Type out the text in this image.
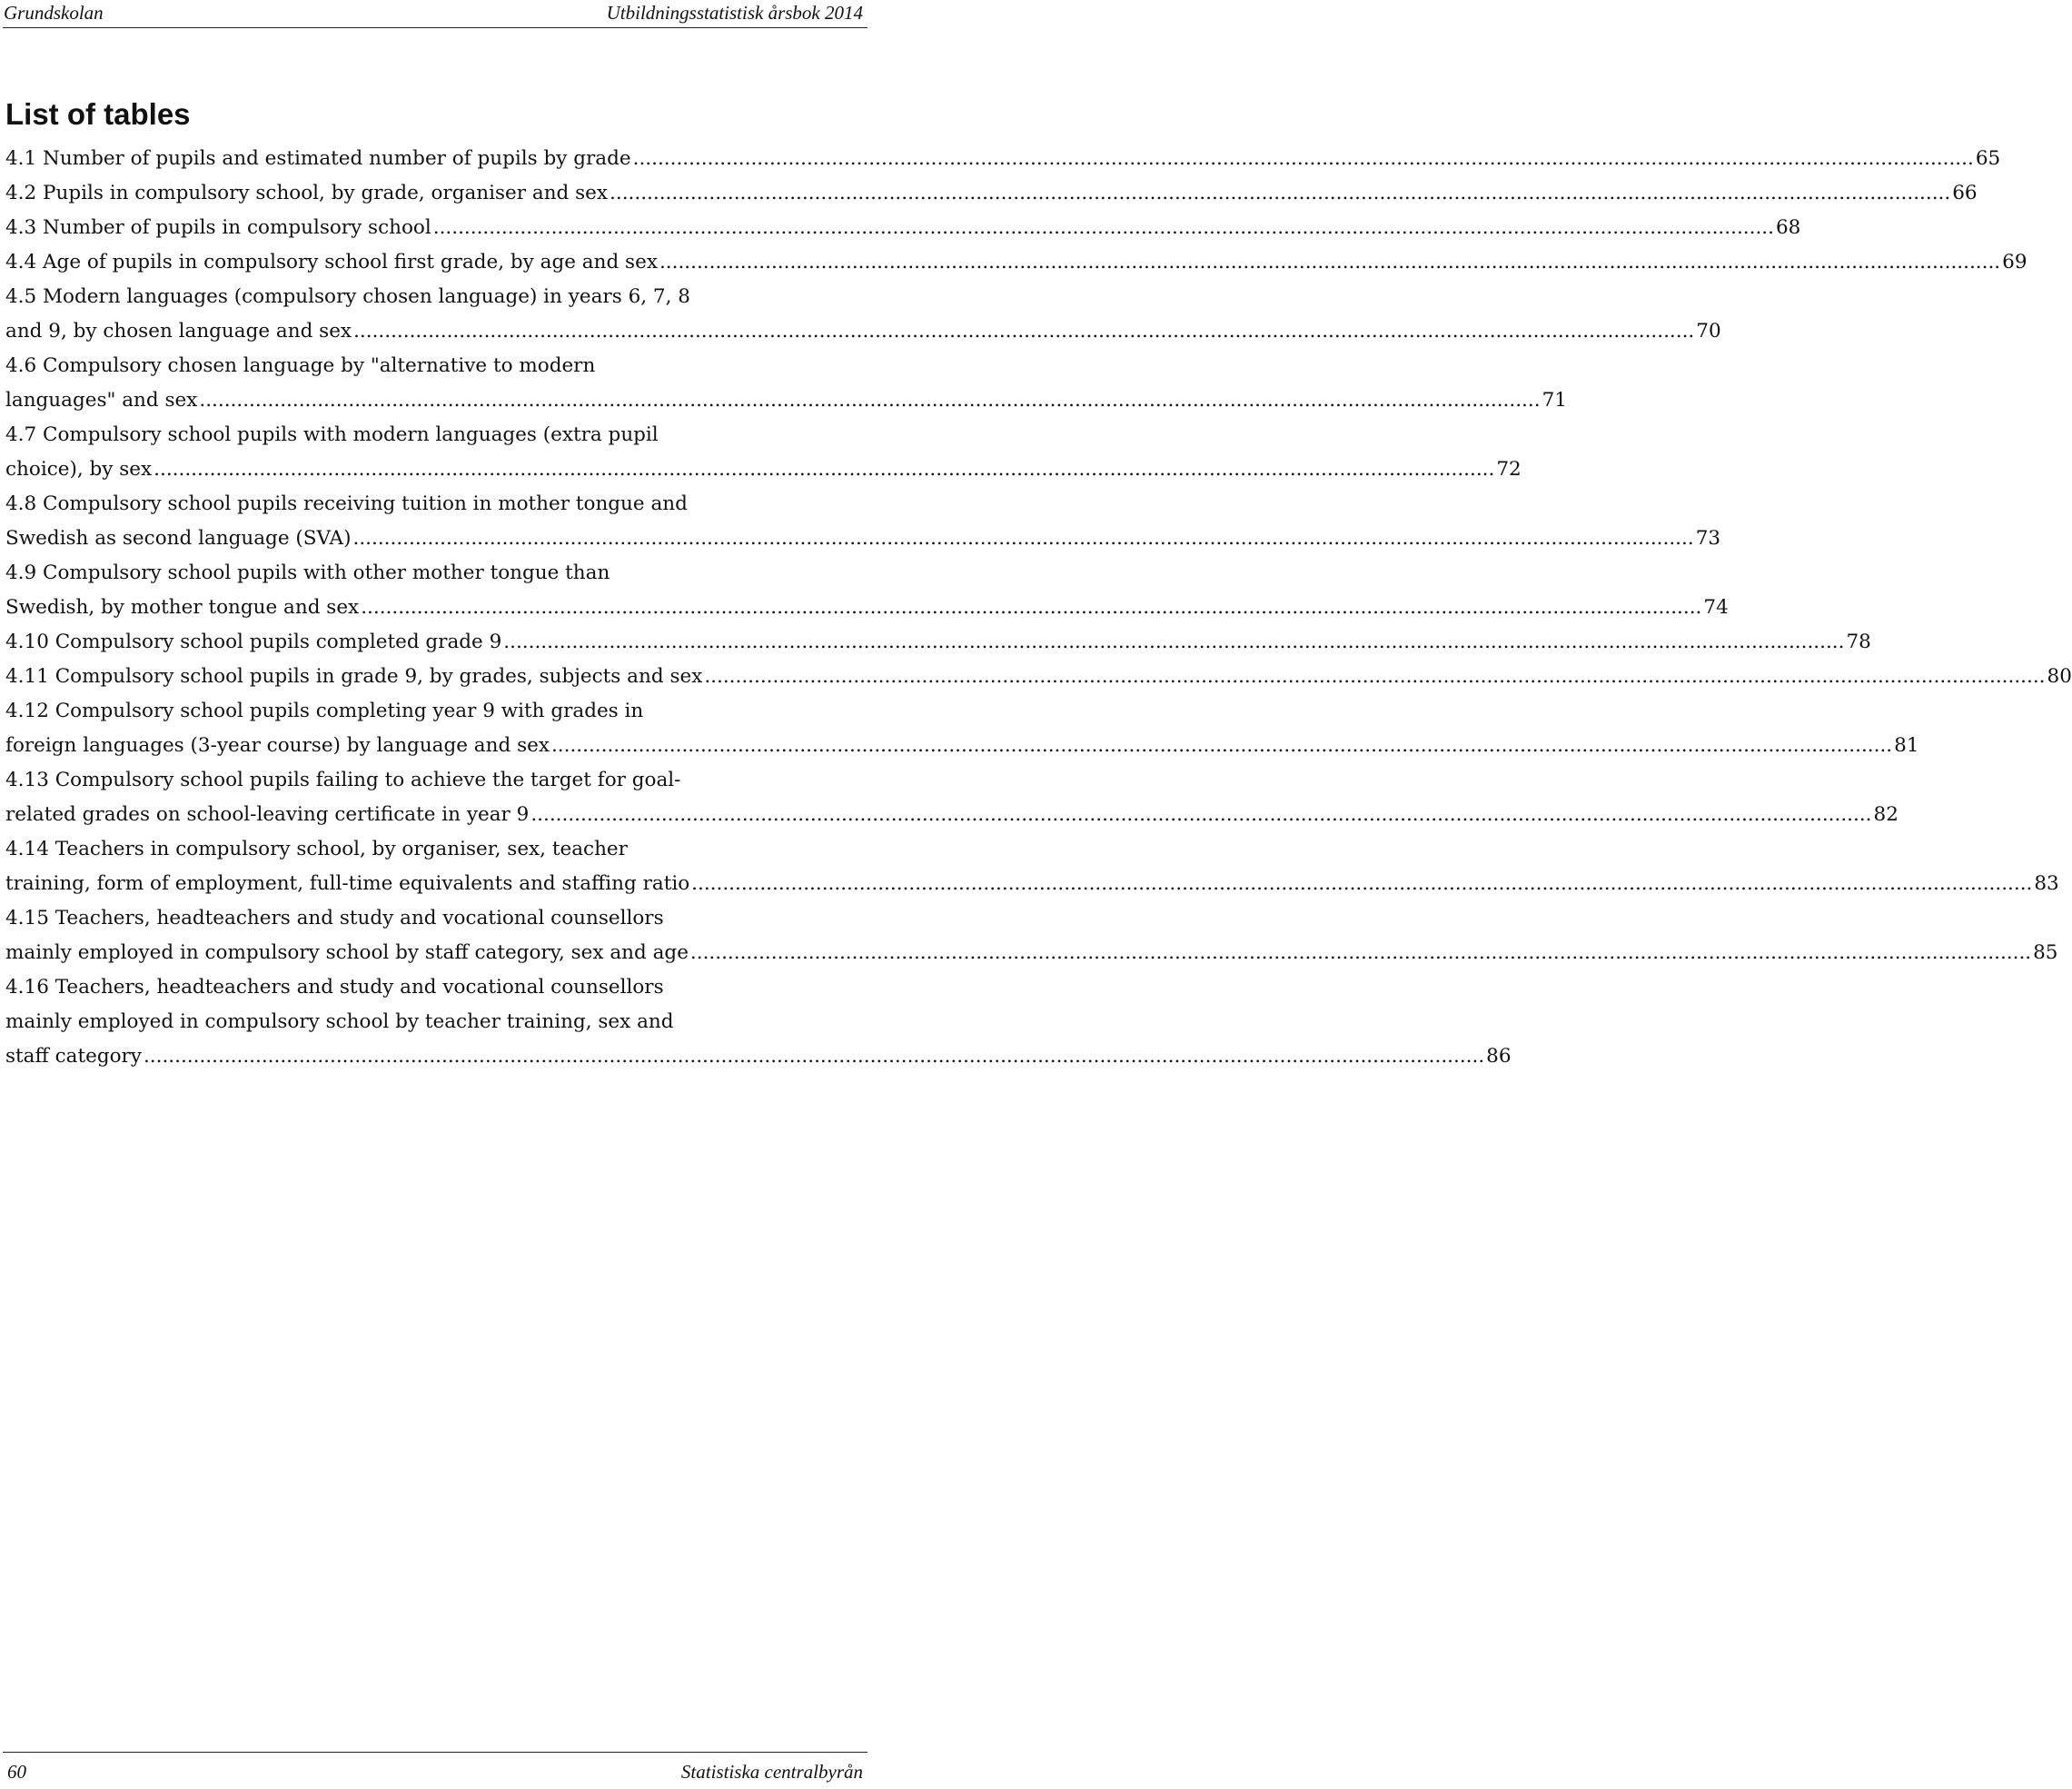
Grundskolan	Utbildningsstatistisk årsbok 2014
List of tables
4.1 Number of pupils and estimated number of pupils by grade .....	65
4.2 Pupils in compulsory school, by grade, organiser and sex .....	66
4.3 Number of pupils in compulsory school .....	68
4.4 Age of pupils in compulsory school first grade, by age and sex .....	69
4.5 Modern languages (compulsory chosen language) in years 6, 7, 8
and 9, by chosen language and sex .....	70
4.6 Compulsory chosen language by "alternative to modern
languages" and sex .....	71
4.7 Compulsory school pupils with modern languages (extra pupil
choice), by sex .....	72
4.8 Compulsory school pupils receiving tuition in mother tongue and
Swedish as second language (SVA) .....	73
4.9 Compulsory school pupils with other mother tongue than
Swedish, by mother tongue and sex .....	74
4.10 Compulsory school pupils completed grade 9 .....	78
4.11 Compulsory school pupils in grade 9, by grades, subjects and sex .....	80
4.12 Compulsory school pupils completing year 9 with grades in
foreign languages (3-year course) by language and sex .....	81
4.13 Compulsory school pupils failing to achieve the target for goal-
related grades on school-leaving certificate in year 9 .....	82
4.14 Teachers in compulsory school, by organiser, sex, teacher
training, form of employment, full-time equivalents and staffing ratio .....	83
4.15 Teachers, headteachers and study and vocational counsellors
mainly employed in compulsory school by staff category, sex and age .....	85
4.16 Teachers, headteachers and study and vocational counsellors
mainly employed in compulsory school by teacher training, sex and
staff category .....	86
60	Statistiska centralbyrån
